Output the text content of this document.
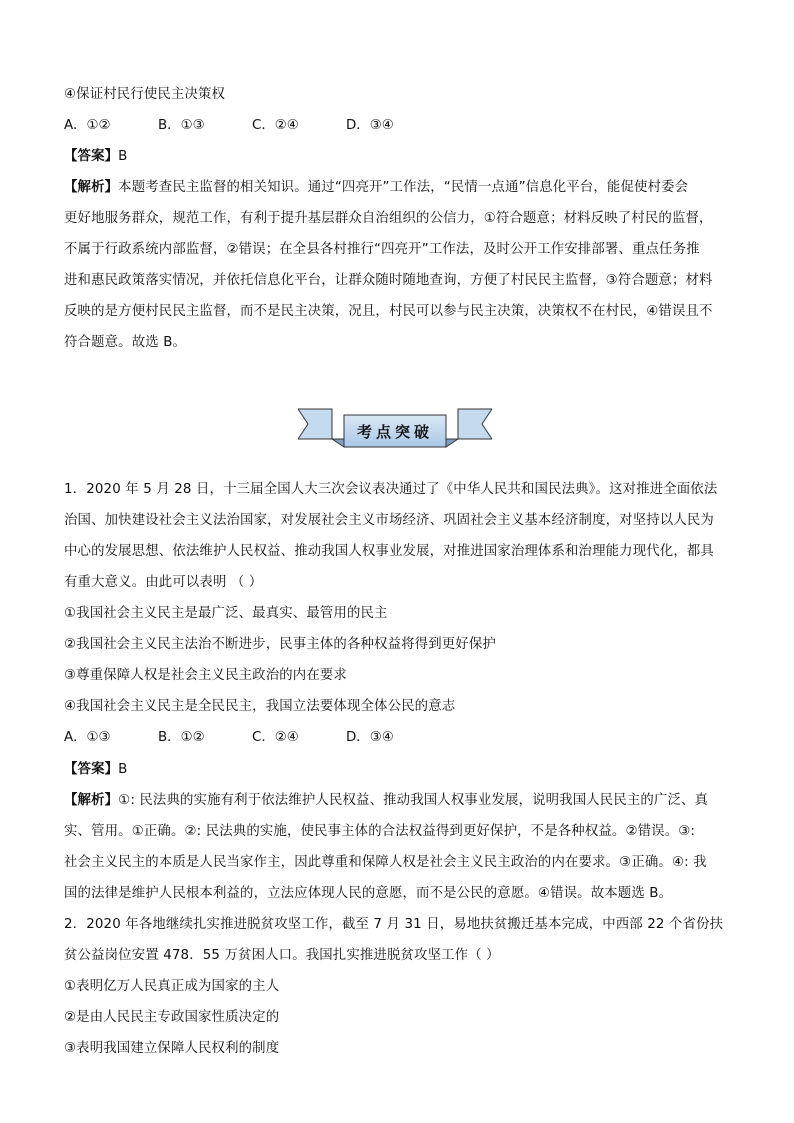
④保证村民行使民主决策权
A．①②	B．①③	C．②④	D．③④
【答案】B
【解析】本题考查民主监督的相关知识。通过“四亮开”工作法，“民情一点通”信息化平台，能促使村委会
更好地服务群众，规范工作，有利于提升基层群众自治组织的公信力，①符合题意；材料反映了村民的监督，
不属于行政系统内部监督，②错误；在全县各村推行“四亮开”工作法，及时公开工作安排部署、重点任务推
进和惠民政策落实情况，并依托信息化平台，让群众随时随地查询，方便了村民民主监督，③符合题意；材料
反映的是方便村民民主监督，而不是民主决策，况且，村民可以参与民主决策，决策权不在村民，④错误且不
符合题意。故选 B。
考点突破
1．2020 年 5 月 28 日，十三届全国人大三次会议表决通过了《中华人民共和国民法典》。这对推进全面依法
治国、加快建设社会主义法治国家，对发展社会主义市场经济、巩固社会主义基本经济制度，对坚持以人民为
中心的发展思想、依法维护人民权益、推动我国人权事业发展，对推进国家治理体系和治理能力现代化，都具
有重大意义。由此可以表明 （ ）
①我国社会主义民主是最广泛、最真实、最管用的民主
②我国社会主义民主法治不断进步，民事主体的各种权益将得到更好保护
③尊重保障人权是社会主义民主政治的内在要求
④我国社会主义民主是全民民主，我国立法要体现全体公民的意志
A．①③	B．①②	C．②④	D．③④
【答案】B
【解析】①: 民法典的实施有利于依法维护人民权益、推动我国人权事业发展，说明我国人民民主的广泛、真
实、管用。①正确。②: 民法典的实施，使民事主体的合法权益得到更好保护，不是各种权益。②错误。③:
社会主义民主的本质是人民当家作主，因此尊重和保障人权是社会主义民主政治的内在要求。③正确。④: 我
国的法律是维护人民根本利益的，立法应体现人民的意愿，而不是公民的意愿。④错误。故本题选 B。
2．2020 年各地继续扎实推进脱贫攻坚工作，截至 7 月 31 日，易地扶贫搬迁基本完成，中西部 22 个省份扶
贫公益岗位安置 478．55 万贫困人口。我国扎实推进脱贫攻坚工作（ ）
①表明亿万人民真正成为国家的主人
②是由人民民主专政国家性质决定的
③表明我国建立保障人民权利的制度
